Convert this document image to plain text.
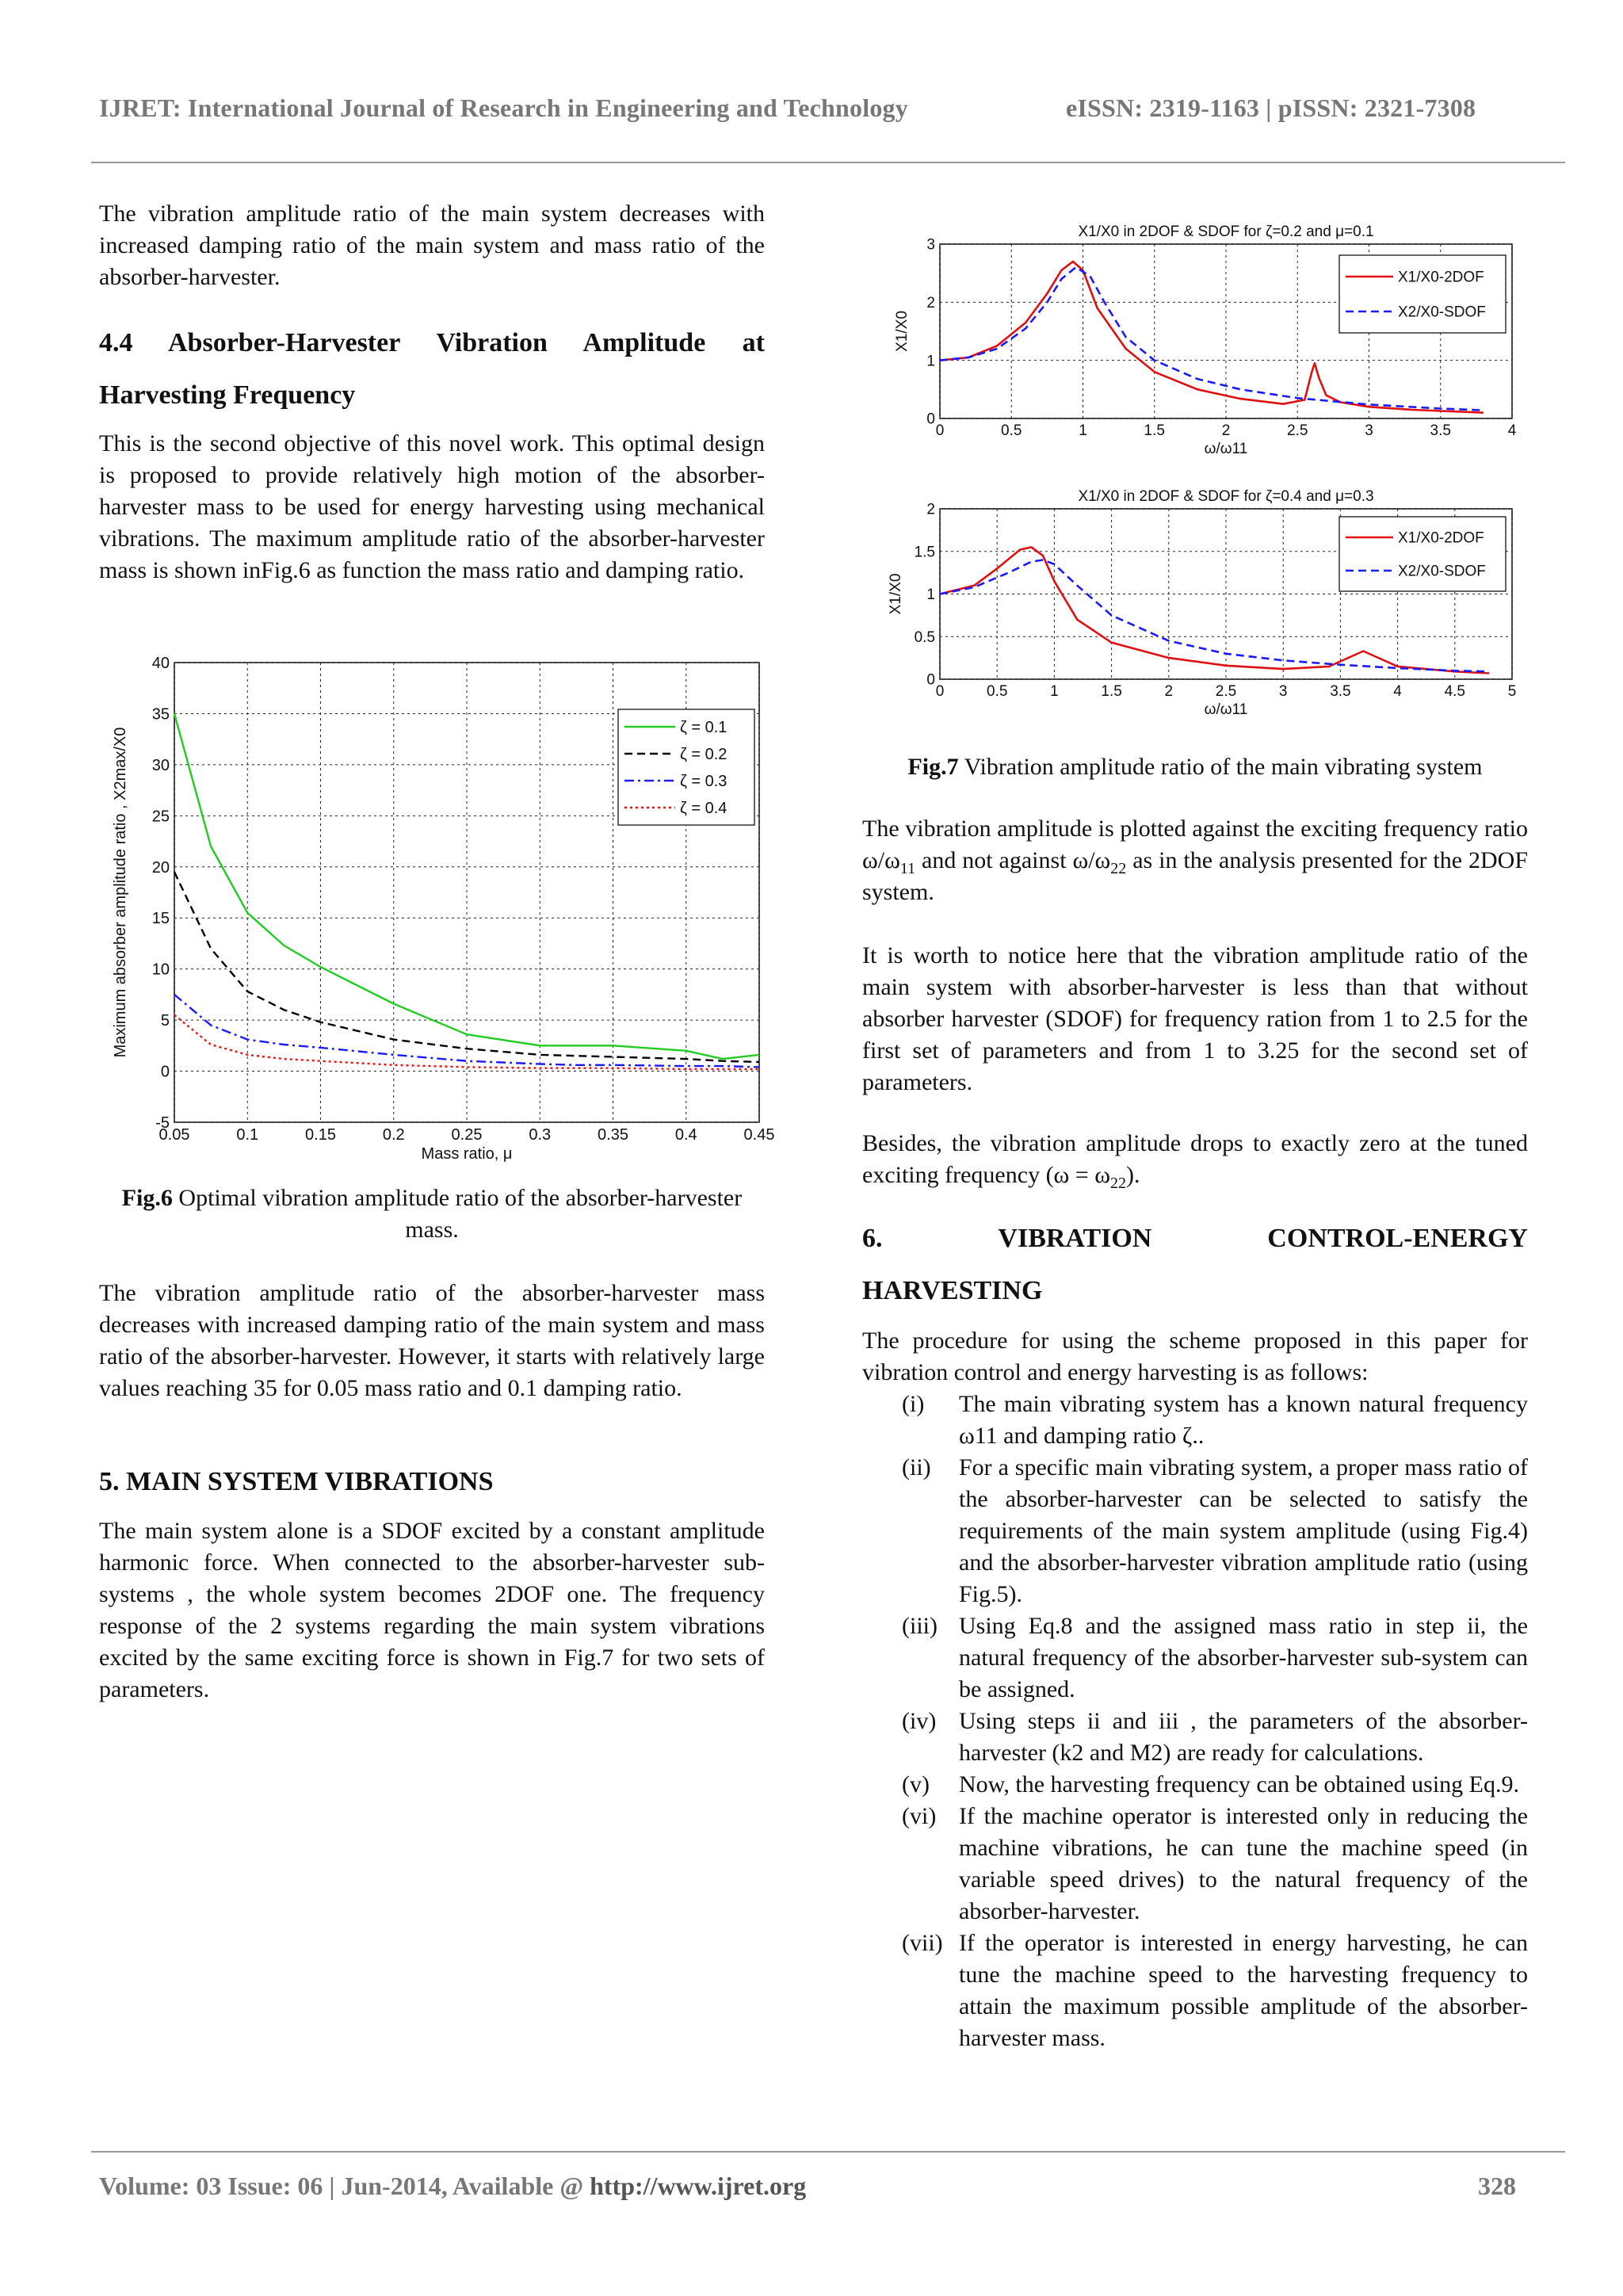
IJRET: International Journal of Research in Engineering and Technology	eISSN: 2319-1163 | pISSN: 2321-7308

The vibration amplitude ratio of the main system decreases with increased damping ratio of the main system and mass ratio of the absorber-harvester.

4.4 Absorber-Harvester Vibration Amplitude at
Harvesting Frequency

This is the second objective of this novel work. This optimal design is proposed to provide relatively high motion of the absorber-harvester mass to be used for energy harvesting using mechanical vibrations. The maximum amplitude ratio of the absorber-harvester mass is shown inFig.6 as function the mass ratio and damping ratio.

0.05	0.1	0.15	0.2	0.25	0.3	0.35	0.4	0.45
-5
0
5
10
15
20
25
30
35
40
Mass ratio, μ
Maximum absorber amplitude ratio , X2max/X0	ζ = 0.1
ζ = 0.2
ζ = 0.3
ζ = 0.4
Fig.6 Optimal vibration amplitude ratio of the absorber-harvester mass.

The vibration amplitude ratio of the absorber-harvester mass decreases with increased damping ratio of the main system and mass ratio of the absorber-harvester. However, it starts with relatively large values reaching 35 for 0.05 mass ratio and 0.1 damping ratio.

5. MAIN SYSTEM VIBRATIONS

The main system alone is a SDOF excited by a constant amplitude harmonic force. When connected to the absorber-harvester sub-systems , the whole system becomes 2DOF one. The frequency response of the 2 systems regarding the main system vibrations excited by the same exciting force is shown in Fig.7 for two sets of parameters.

X1/X0 in 2DOF & SDOF for ζ=0.2 and μ=0.1
0	0.5	1	1.5	2	2.5	3	3.5	4
0
1
2
3
ω/ω11
X1/X0
X1/X0-2DOF
X2/X0-SDOF
X1/X0 in 2DOF & SDOF for ζ=0.4 and μ=0.3
0	0.5	1	1.5	2	2.5	3	3.5	4	4.5	5
0
0.5
1
1.5
2
ω/ω11
X1/X0
X1/X0-2DOF
X2/X0-SDOF
Fig.7 Vibration amplitude ratio of the main vibrating system

The vibration amplitude is plotted against the exciting frequency ratio $\omega/\omega_{11}$ and not against $\omega/\omega_{22}$ as in the analysis presented for the 2DOF system.

It is worth to notice here that the vibration amplitude ratio of the main system with absorber-harvester is less than that without absorber harvester (SDOF) for frequency ration from 1 to 2.5 for the first set of parameters and from 1 to 3.25 for the second set of parameters.

Besides, the vibration amplitude drops to exactly zero at the tuned exciting frequency $(\omega = \omega_{22})$.

6.	VIBRATION	CONTROL-ENERGY
HARVESTING

The procedure for using the scheme proposed in this paper for vibration control and energy harvesting is as follows:

(i) The main vibrating system has a known natural frequency ω11 and damping ratio ζ..
(ii) For a specific main vibrating system, a proper mass ratio of the absorber-harvester can be selected to satisfy the requirements of the main system amplitude (using Fig.4) and the absorber-harvester vibration amplitude ratio (using Fig.5).
(iii) Using Eq.8 and the assigned mass ratio in step ii, the natural frequency of the absorber-harvester sub-system can be assigned.
(iv) Using steps ii and iii , the parameters of the absorber-harvester (k2 and M2) are ready for calculations.
(v) Now, the harvesting frequency can be obtained using Eq.9.
(vi) If the machine operator is interested only in reducing the machine vibrations, he can tune the machine speed (in variable speed drives) to the natural frequency of the absorber-harvester.
(vii) If the operator is interested in energy harvesting, he can tune the machine speed to the harvesting frequency to attain the maximum possible amplitude of the absorber-harvester mass.
Volume: 03 Issue: 06 | Jun-2014, Available @ http://www.ijret.org	328
